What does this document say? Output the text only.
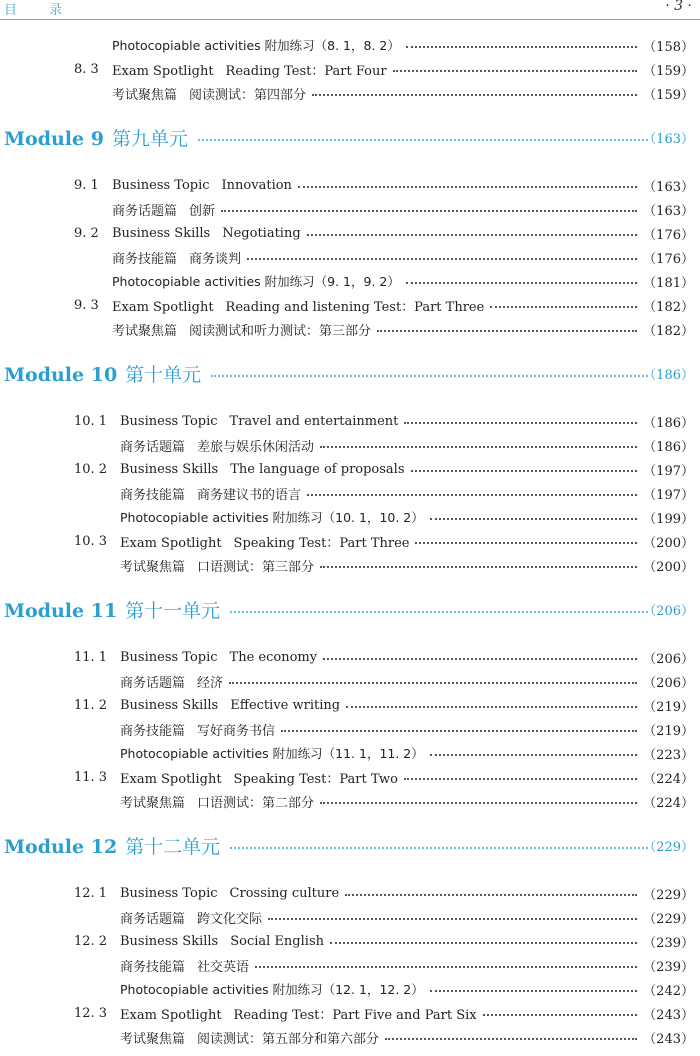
目 录	· 3 ·
Photocopiable activities 附加练习（8. 1，8. 2）	（158）
8. 3	Exam Spotlight Reading Test：Part Four	（159）
考试聚焦篇 阅读测试：第四部分	（159）
Module 9 第九单元	（163）
9. 1	Business Topic Innovation	（163）
商务话题篇 创新	（163）
9. 2	Business Skills Negotiating	（176）
商务技能篇 商务谈判	（176）
Photocopiable activities 附加练习（9. 1，9. 2）	（181）
9. 3	Exam Spotlight Reading and listening Test：Part Three	（182）
考试聚焦篇 阅读测试和听力测试：第三部分	（182）
Module 10 第十单元	（186）
10. 1 Business Topic Travel and entertainment	（186）
商务话题篇 差旅与娱乐休闲活动	（186）
10. 2 Business Skills The language of proposals	（197）
商务技能篇 商务建议书的语言	（197）
Photocopiable activities 附加练习（10. 1，10. 2）	（199）
10. 3 Exam Spotlight Speaking Test：Part Three	（200）
考试聚焦篇 口语测试：第三部分	（200）
Module 11 第十一单元	（206）
11. 1 Business Topic The economy	（206）
商务话题篇 经济	（206）
11. 2 Business Skills Effective writing	（219）
商务技能篇 写好商务书信	（219）
Photocopiable activities 附加练习（11. 1，11. 2）	（223）
11. 3 Exam Spotlight Speaking Test：Part Two	（224）
考试聚焦篇 口语测试：第二部分	（224）
Module 12 第十二单元	（229）
12. 1 Business Topic Crossing culture	（229）
商务话题篇 跨文化交际	（229）
12. 2 Business Skills Social English	（239）
商务技能篇 社交英语	（239）
Photocopiable activities 附加练习（12. 1，12. 2）	（242）
12. 3 Exam Spotlight Reading Test：Part Five and Part Six	（243）
考试聚焦篇 阅读测试：第五部分和第六部分	（243）
